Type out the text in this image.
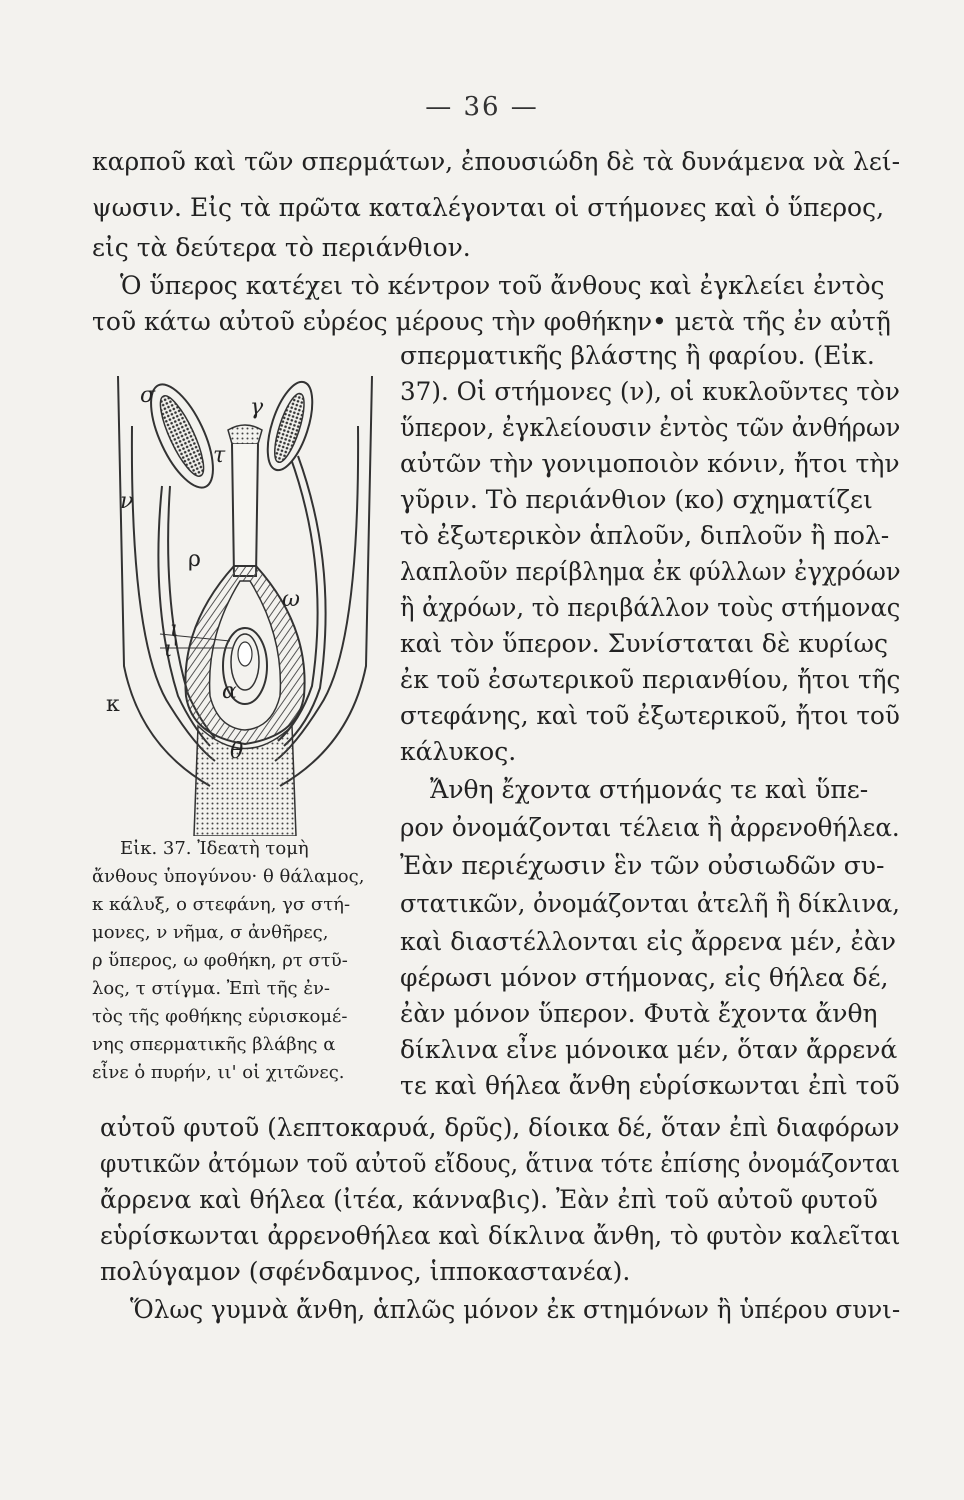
— 36 —
καρποῦ καὶ τῶν σπερμάτων, ἐπουσιώδη δὲ τὰ δυνάμενα νὰ λεί-
ψωσιν. Εἰς τὰ πρῶτα καταλέγονται οἱ στήμονες καὶ ὁ ὕπερος,
εἰς τὰ δεύτερα τὸ περιάνθιον.
Ὁ ὕπερος κατέχει τὸ κέντρον τοῦ ἄνθους καὶ ἐγκλείει ἐντὸς
τοῦ κάτω αὐτοῦ εὐρέος μέρους τὴν φοθήκην• μετὰ τῆς ἐν αὐτῇ
σ	γ
τ
ν
ρ
ω
ι
ι'
κ
α
θ
σπερματικῆς βλάστης ἢ φαρίου. (Εἰκ.
37). Οἱ στήμονες (ν), οἱ κυκλοῦντες τὸν
ὕπερον, ἐγκλείουσιν ἐντὸς τῶν ἀνθήρων
αὐτῶν τὴν γονιμοποιὸν κόνιν, ἤτοι τὴν
γῦριν. Τὸ περιάνθιον (κο) σχηματίζει
τὸ ἐξωτερικὸν ἁπλοῦν, διπλοῦν ἢ πολ-
λαπλοῦν περίβλημα ἐκ φύλλων ἐγχρόων
ἢ ἀχρόων, τὸ περιβάλλον τοὺς στήμονας
καὶ τὸν ὕπερον. Συνίσταται δὲ κυρίως
ἐκ τοῦ ἐσωτερικοῦ περιανθίου, ἤτοι τῆς
στεφάνης, καὶ τοῦ ἐξωτερικοῦ, ἤτοι τοῦ
κάλυκος.
Ἄνθη ἔχοντα στήμονάς τε καὶ ὕπε-
ρον ὀνομάζονται τέλεια ἢ ἀρρενοθήλεα.
Ἐὰν περιέχωσιν ἓν τῶν οὐσιωδῶν συ-
στατικῶν, ὀνομάζονται ἀτελῆ ἢ δίκλινα,
καὶ διαστέλλονται εἰς ἄρρενα μέν, ἐὰν
φέρωσι μόνον στήμονας, εἰς θήλεα δέ,
ἐὰν μόνον ὕπερον. Φυτὰ ἔχοντα ἄνθη
δίκλινα εἶνε μόνοικα μέν, ὅταν ἄρρενά
τε καὶ θήλεα ἄνθη εὑρίσκωνται ἐπὶ τοῦ
Εἰκ. 37. Ἰδεατὴ τομὴ
ἄνθους ὑπογύνου· θ θάλαμος,
κ κάλυξ, ο στεφάνη, γσ στή-
μονες, ν νῆμα, σ ἀνθῆρες,
ρ ὕπερος, ω φοθήκη, ρτ στῦ-
λος, τ στίγμα. Ἐπὶ τῆς ἐν-
τὸς τῆς φοθήκης εὑρισκομέ-
νης σπερματικῆς βλάβης α
εἶνε ὁ πυρήν, ιι' οἱ χιτῶνες.
αὐτοῦ φυτοῦ (λεπτοκαρυά, δρῦς), δίοικα δέ, ὅταν ἐπὶ διαφόρων
φυτικῶν ἀτόμων τοῦ αὐτοῦ εἴδους, ἅτινα τότε ἐπίσης ὀνομάζονται
ἄρρενα καὶ θήλεα (ἰτέα, κάνναβις). Ἐὰν ἐπὶ τοῦ αὐτοῦ φυτοῦ
εὑρίσκωνται ἀρρενοθήλεα καὶ δίκλινα ἄνθη, τὸ φυτὸν καλεῖται
πολύγαμον (σφένδαμνος, ἱπποκαστανέα).
Ὅλως γυμνὰ ἄνθη, ἁπλῶς μόνον ἐκ στημόνων ἢ ὑπέρου συνι-
